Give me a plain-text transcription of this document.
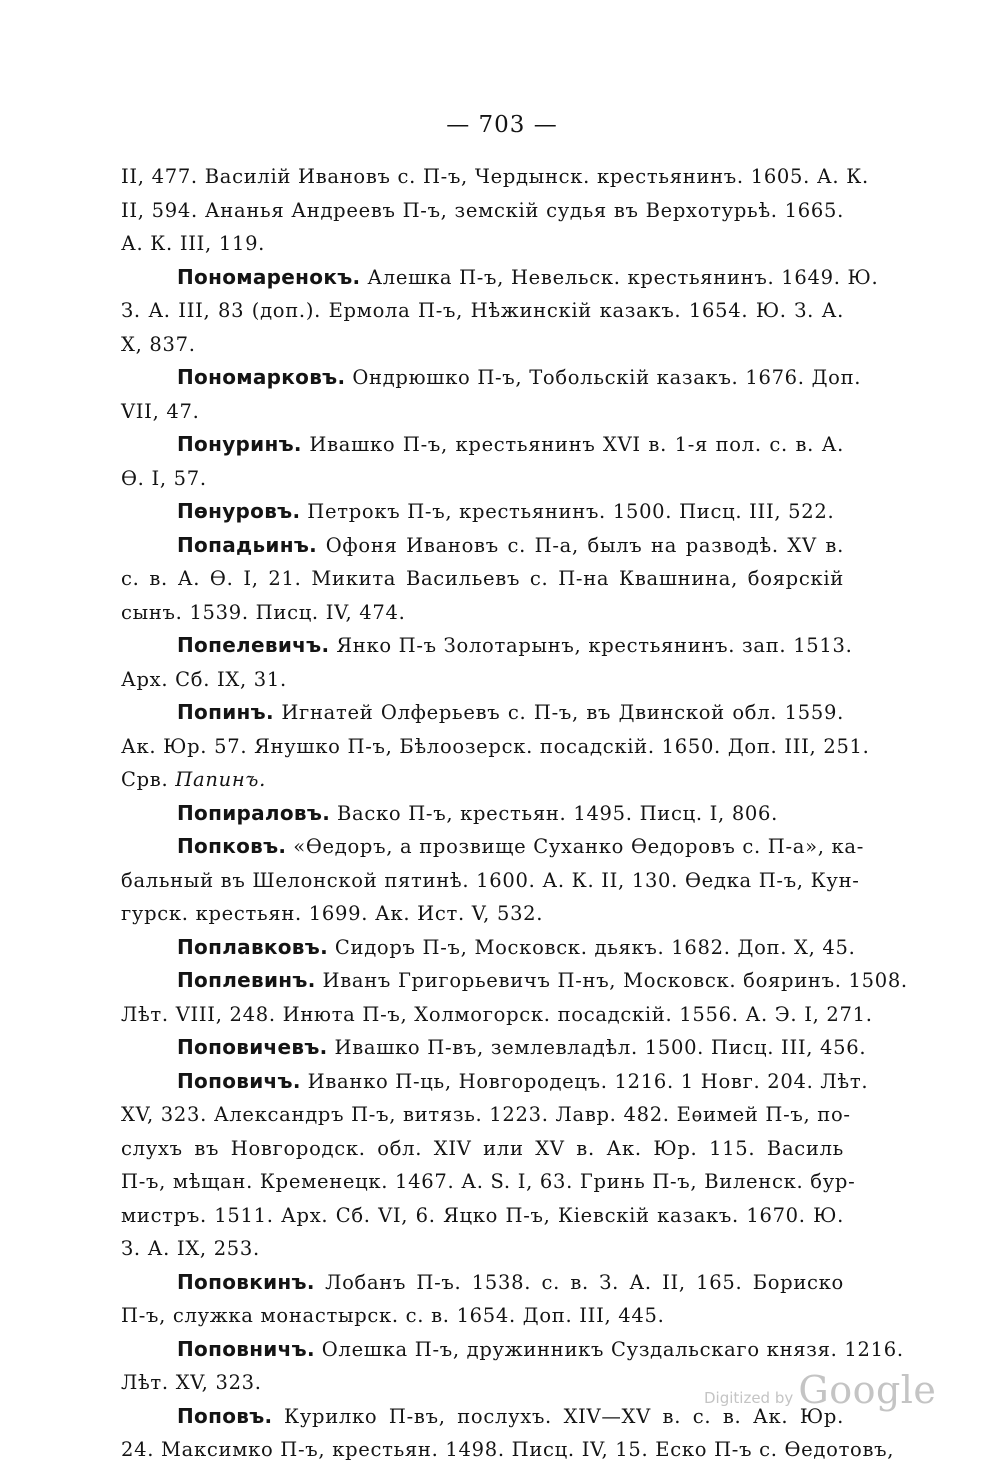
— 703 —
II, 477. Василій Ивановъ с. П-ъ, Чердынск. крестьянинъ. 1605. А. К.
II, 594. Ананья Андреевъ П-ъ, земскій судья въ Верхотурьѣ. 1665.
А. К. III, 119.
Пономаренокъ. Алешка П-ъ, Невельск. крестьянинъ. 1649. Ю.
З. А. III, 83 (доп.). Ермола П-ъ, Нѣжинскій казакъ. 1654. Ю. З. А.
X, 837.
Пономарковъ. Ондрюшко П-ъ, Тобольскій казакъ. 1676. Доп.
VII, 47.
Понуринъ. Ивашко П-ъ, крестьянинъ XVI в. 1-я пол. с. в. А.
Ѳ. I, 57.
Пѳнуровъ. Петрокъ П-ъ, крестьянинъ. 1500. Писц. III, 522.
Попадьинъ. Офоня Ивановъ с. П-а, былъ на разводѣ. XV в.
с. в. А. Ѳ. I, 21. Микита Васильевъ с. П-на Квашнина, боярскій
сынъ. 1539. Писц. IV, 474.
Попелевичъ. Янко П-ъ Золотарынъ, крестьянинъ. зап. 1513.
Арх. Сб. IX, 31.
Попинъ. Игнатей Олферьевъ с. П-ъ, въ Двинской обл. 1559.
Ак. Юр. 57. Янушко П-ъ, Бѣлоозерск. посадскій. 1650. Доп. III, 251.
Срв. Папинъ.
Попираловъ. Васко П-ъ, крестьян. 1495. Писц. I, 806.
Попковъ. «Ѳедоръ, а прозвище Суханко Ѳедоровъ с. П-а», ка-
бальный въ Шелонской пятинѣ. 1600. А. К. II, 130. Ѳедка П-ъ, Кун-
гурск. крестьян. 1699. Ак. Ист. V, 532.
Поплавковъ. Сидоръ П-ъ, Московск. дьякъ. 1682. Доп. X, 45.
Поплевинъ. Иванъ Григорьевичъ П-нъ, Московск. бояринъ. 1508.
Лѣт. VIII, 248. Инюта П-ъ, Холмогорск. посадскій. 1556. А. Э. I, 271.
Поповичевъ. Ивашко П-въ, землевладѣл. 1500. Писц. III, 456.
Поповичъ. Иванко П-ць, Новгородецъ. 1216. 1 Новг. 204. Лѣт.
XV, 323. Александръ П-ъ, витязь. 1223. Лавр. 482. Еѳимей П-ъ, по-
слухъ въ Новгородск. обл. XIV или XV в. Ак. Юр. 115. Василь
П-ъ, мѣщан. Кременецк. 1467. А. S. I, 63. Гринь П-ъ, Виленск. бур-
мистръ. 1511. Арх. Сб. VI, 6. Яцко П-ъ, Кіевскій казакъ. 1670. Ю.
З. А. IX, 253.
Поповкинъ. Лобанъ П-ъ. 1538. с. в. З. А. II, 165. Бориско
П-ъ, служка монастырск. с. в. 1654. Доп. III, 445.
Поповничъ. Олешка П-ъ, дружинникъ Суздальскаго князя. 1216.
Лѣт. XV, 323.
Поповъ. Курилко П-въ, послухъ. XIV—XV в. с. в. Ак. Юр.
24. Максимко П-ъ, крестьян. 1498. Писц. IV, 15. Еско П-ъ с. Ѳедотовъ,
Digitized by Google
